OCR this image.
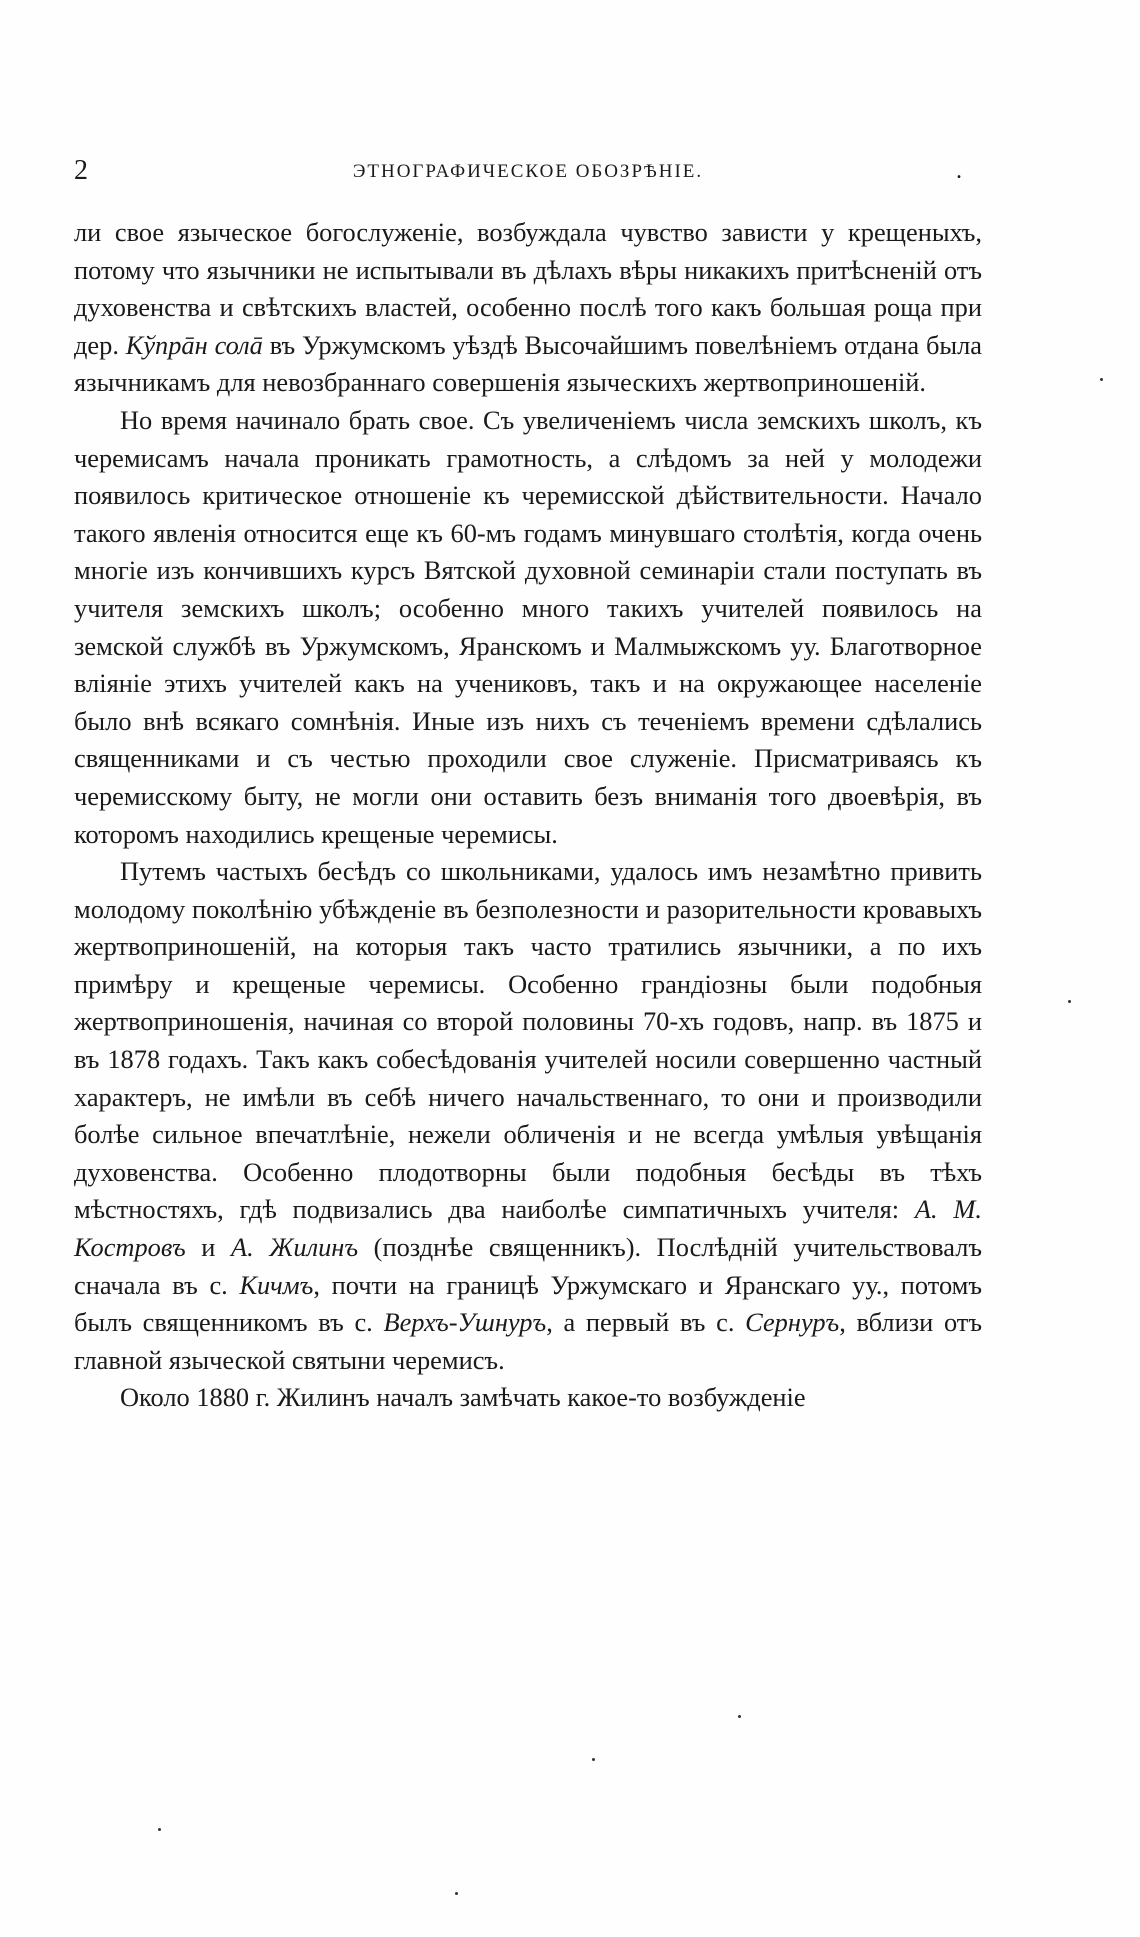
2	ЭТНОГРАФИЧЕСКОЕ ОБОЗРѢНІЕ.	.

ли свое языческое богослуженіе, возбуждала чувство зависти у крещеныхъ, потому что язычники не испытывали въ дѣлахъ вѣры никакихъ притѣсненій отъ духовенства и свѣтскихъ властей, особенно послѣ того какъ большая роща при дер. Кўпрāн солā въ Уржумскомъ уѣздѣ Высочайшимъ повелѣніемъ отдана была язычникамъ для невозбраннаго совершенія языческихъ жертвоприношеній.

Но время начинало брать свое. Съ увеличеніемъ числа земскихъ школъ, къ черемисамъ начала проникать грамотность, а слѣдомъ за ней у молодежи появилось критическое отношеніе къ черемисской дѣйствительности. Начало такого явленія относится еще къ 60-мъ годамъ минувшаго столѣтія, когда очень многіе изъ кончившихъ курсъ Вятской духовной семинаріи стали поступать въ учителя земскихъ школъ; особенно много такихъ учителей появилось на земской службѣ въ Уржумскомъ, Яранскомъ и Малмыжскомъ уу. Благотворное вліяніе этихъ учителей какъ на учениковъ, такъ и на окружающее населеніе было внѣ всякаго сомнѣнія. Иные изъ нихъ съ теченіемъ времени сдѣлались священниками и съ честью проходили свое служеніе. Присматриваясь къ черемисскому быту, не могли они оставить безъ вниманія того двоевѣрія, въ которомъ находились крещеные черемисы.

Путемъ частыхъ бесѣдъ со школьниками, удалось имъ незамѣтно привить молодому поколѣнію убѣжденіе въ безполезности и разорительности кровавыхъ жертвоприношеній, на которыя такъ часто тратились язычники, а по ихъ примѣру и крещеные черемисы. Особенно грандіозны были подобныя жертвоприношенія, начиная со второй половины 70-хъ годовъ, напр. въ 1875 и въ 1878 годахъ. Такъ какъ собесѣдованія учителей носили совершенно частный характеръ, не имѣли въ себѣ ничего начальственнаго, то они и производили болѣе сильное впечатлѣніе, нежели обличенія и не всегда умѣлыя увѣщанія духовенства. Особенно плодотворны были подобныя бесѣды въ тѣхъ мѣстностяхъ, гдѣ подвизались два наиболѣе симпатичныхъ учителя: А. М. Костровъ и А. Жилинъ (позднѣе священникъ). Послѣдній учительствовалъ сначала въ с. Кичмъ, почти на границѣ Уржумскаго и Яранскаго уу., потомъ былъ священникомъ въ с. Верхъ-Ушнуръ, а первый въ с. Сернуръ, вблизи отъ главной языческой святыни черемисъ.

Около 1880 г. Жилинъ началъ замѣчать какое-то возбужденіе
